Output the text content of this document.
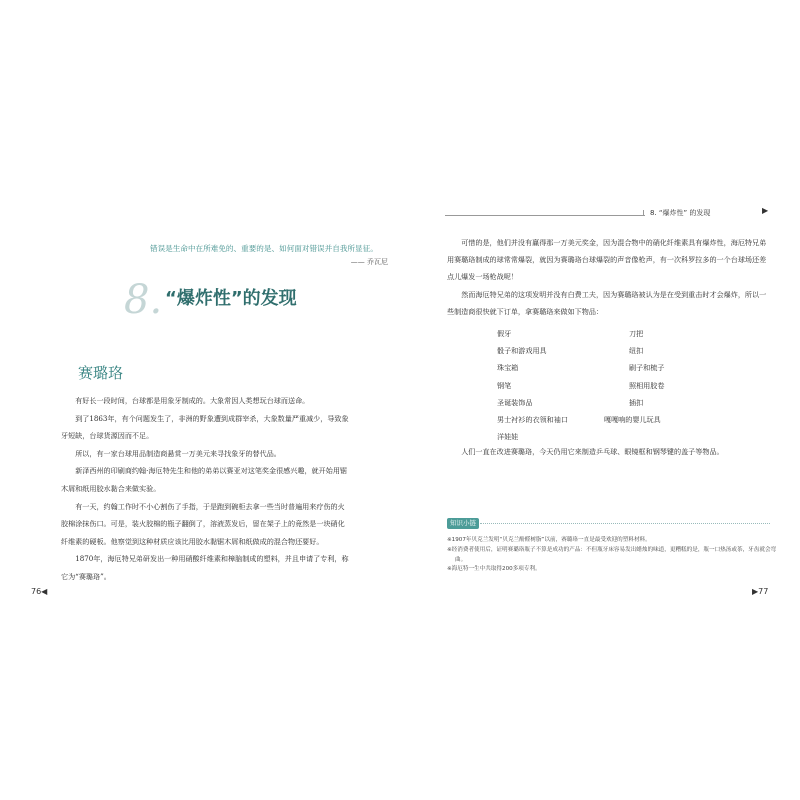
错误是生命中在所难免的、重要的是、如何面对错误并自我所显征。
—— 乔瓦尼
8. “爆炸性”的发现
赛璐珞

有好长一段时间，台球都是用象牙制成的。大象常因人类想玩台球而送命。

到了1863年，有个问题发生了，非洲的野象遭到成群宰杀，大象数量严重减少，导致象牙短缺，台球货源因而不足。

所以，有一家台球用品制造商悬赏一万美元来寻找象牙的替代品。

新泽西州的印刷商约翰·海厄特先生和他的弟弟以赛亚对这笔奖金很感兴趣，就开始用锯木屑和纸用胶水黏合来做实验。

有一天，约翰工作时不小心割伤了手指，于是跑到碗柜去拿一些当时普遍用来疗伤的火胶棉涂抹伤口。可是，装火胶棉的瓶子翻倒了，溶液蒸发后，留在架子上的竟然是一块硝化纤维素的硬板。他察觉到这种材质应该比用胶水黏锯木屑和纸做成的混合物还要好。

1870年，海厄特兄弟研发出一种用硝酸纤维素和樟脑制成的塑料，并且申请了专利，称它为“赛璐珞”。

76◀
8. “爆炸性” 的发现	▶

可惜的是，他们并没有赢得那一万美元奖金，因为混合物中的硝化纤维素具有爆炸性，海厄特兄弟用赛璐珞制成的球常常爆裂，就因为赛璐珞台球爆裂的声音像枪声，有一次科罗拉多的一个台球场还差点儿爆发一场枪战呢！

然而海厄特兄弟的这项发明并没有白费工夫，因为赛璐珞被认为是在受到重击时才会爆炸，所以一些制造商很快就下订单，拿赛璐珞来做如下物品：

假牙	刀把
骰子和游戏用具	纽扣
珠宝箱	刷子和梳子
钢笔	照相用胶卷
圣诞装饰品	插扣
男士衬衫的衣领和袖口	嘎嘎响的婴儿玩具
洋娃娃

人们一直在改进赛璐珞，今天仍用它来制造乒乓球、眼镜框和钢琴键的盖子等物品。

知识小链接

※1907年贝克兰发明“贝克兰酚醛树脂”以前，赛璐珞一直是最受欢迎的塑料材料。

※经消费者使用后，证明赛璐珞瓶子不算是成功的产品：不但瓶牙床容易发出蜡烛的味道，更糟糕的是，瓶一口热汤或茶，牙齿就会弯曲。

※海厄特一生中共取得200多项专利。

▶77
